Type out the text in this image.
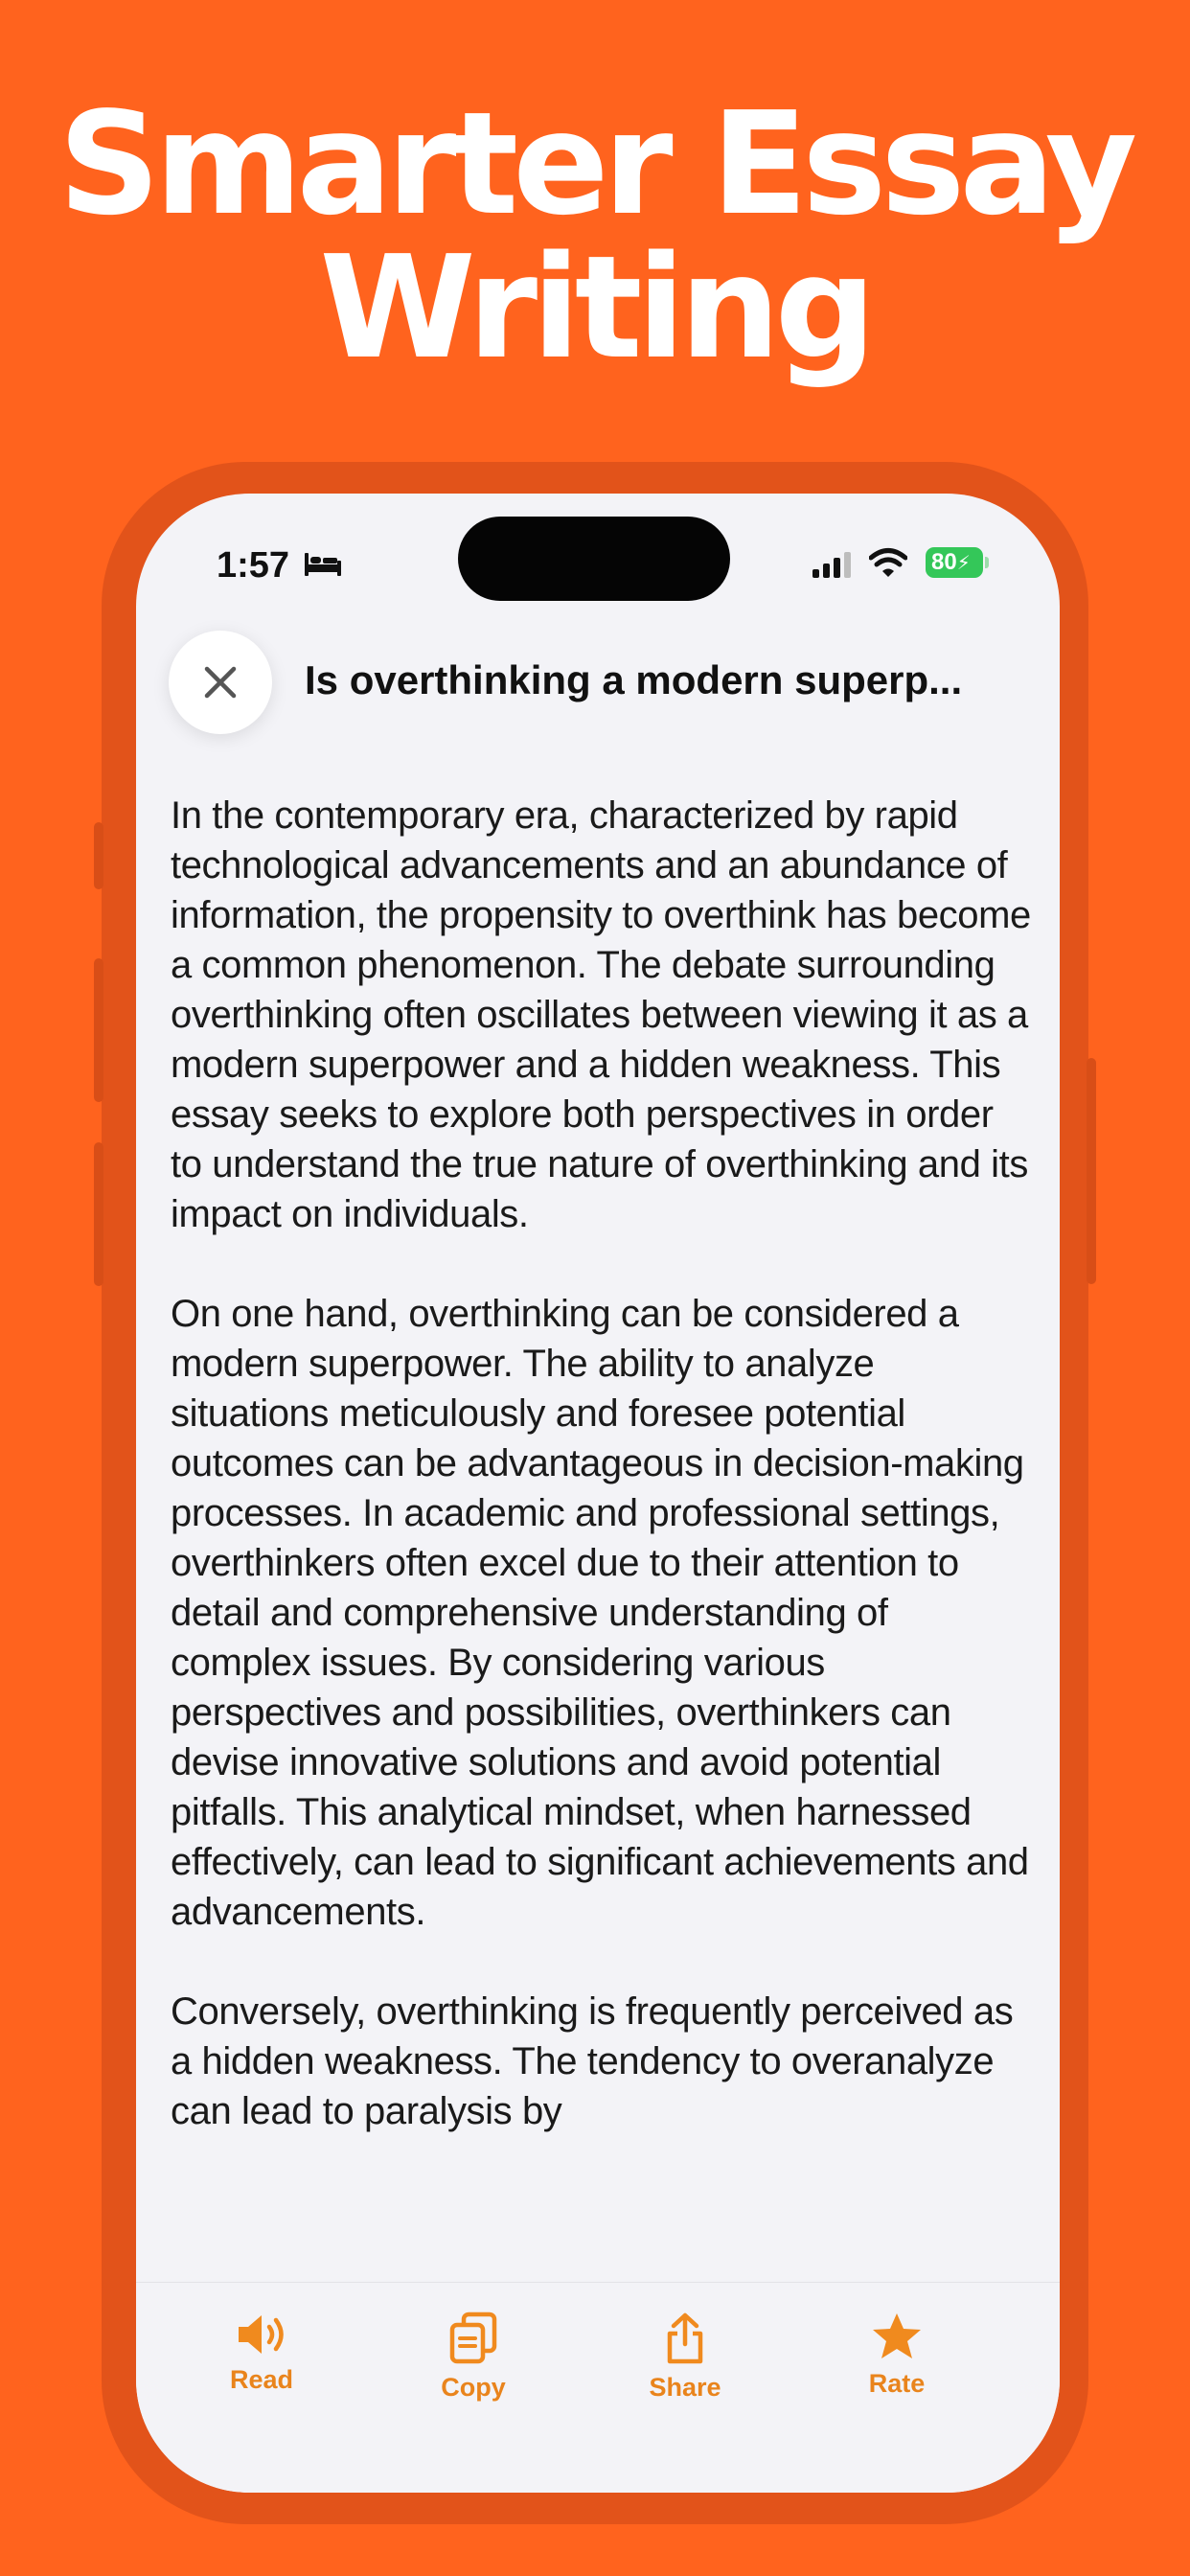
Smarter Essay
Writing
1:57	80⚡
Is overthinking a modern superp...

In the contemporary era, characterized by rapid technological advancements and an abundance of information, the propensity to overthink has become a common phenomenon. The debate surrounding overthinking often oscillates between viewing it as a modern superpower and a hidden weakness. This essay seeks to explore both perspectives in order to understand the true nature of overthinking and its impact on individuals.

On one hand, overthinking can be considered a modern superpower. The ability to analyze situations meticulously and foresee potential outcomes can be advantageous in decision-making processes. In academic and professional settings, overthinkers often excel due to their attention to detail and comprehensive understanding of complex issues. By considering various perspectives and possibilities, overthinkers can devise innovative solutions and avoid potential pitfalls. This analytical mindset, when harnessed effectively, can lead to significant achievements and advancements.

Conversely, overthinking is frequently perceived as a hidden weakness. The tendency to overanalyze can lead to paralysis by

Read	Copy	Share	Rate
